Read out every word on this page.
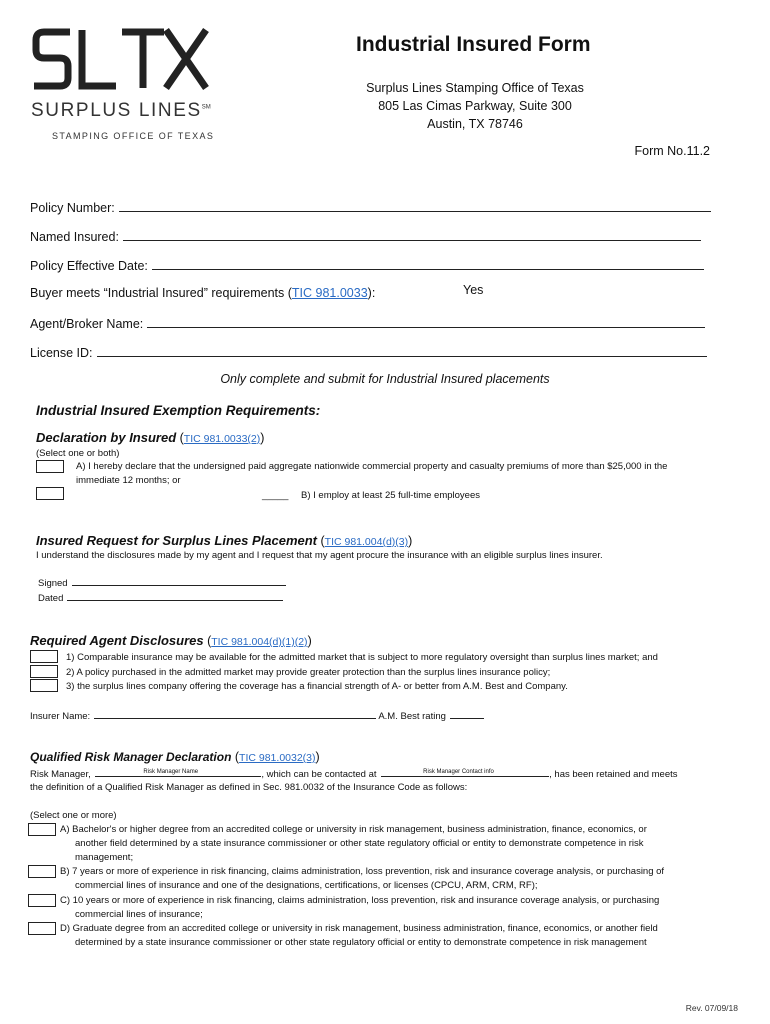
SURPLUS LINES℠
STAMPING OFFICE OF TEXAS
Industrial Insured Form
Surplus Lines Stamping Office of Texas
805 Las Cimas Parkway, Suite 300
Austin, TX 78746
Form No.11.2
Policy Number:
Named Insured:
Policy Effective Date:
Buyer meets “Industrial Insured” requirements (TIC 981.0033):	Yes
Agent/Broker Name:
License ID:
Only complete and submit for Industrial Insured placements
Industrial Insured Exemption Requirements:
Declaration by Insured (TIC 981.0033(2))
(Select one or both)
A) I hereby declare that the undersigned paid aggregate nationwide commercial property and casualty premiums of more than $25,000 in the
immediate 12 months; or
_____ B) I employ at least 25 full-time employees
Insured Request for Surplus Lines Placement (TIC 981.004(d)(3))
I understand the disclosures made by my agent and I request that my agent procure the insurance with an eligible surplus lines insurer.
Signed
Dated
Required Agent Disclosures (TIC 981.004(d)(1)(2))
1) Comparable insurance may be available for the admitted market that is subject to more regulatory oversight than surplus lines market; and
2) A policy purchased in the admitted market may provide greater protection than the surplus lines insurance policy;
3) the surplus lines company offering the coverage has a financial strength of A- or better from A.M. Best and Company.
Insurer Name:	A.M. Best rating
Qualified Risk Manager Declaration (TIC 981.0032(3))
Risk Manager,	Risk Manager Name	, which can be contacted at	Risk Manager Contact info	, has been retained and meets
the definition of a Qualified Risk Manager as defined in Sec. 981.0032 of the Insurance Code as follows:
(Select one or more)
A) Bachelor's or higher degree from an accredited college or university in risk management, business administration, finance, economics, or
another field determined by a state insurance commissioner or other state regulatory official or entity to demonstrate competence in risk
management;
B) 7 years or more of experience in risk financing, claims administration, loss prevention, risk and insurance coverage analysis, or purchasing of
commercial lines of insurance and one of the designations, certifications, or licenses (CPCU, ARM, CRM, RF);
C) 10 years or more of experience in risk financing, claims administration, loss prevention, risk and insurance coverage analysis, or purchasing
commercial lines of insurance;
D) Graduate degree from an accredited college or university in risk management, business administration, finance, economics, or another field
determined by a state insurance commissioner or other state regulatory official or entity to demonstrate competence in risk management
Rev. 07/09/18
